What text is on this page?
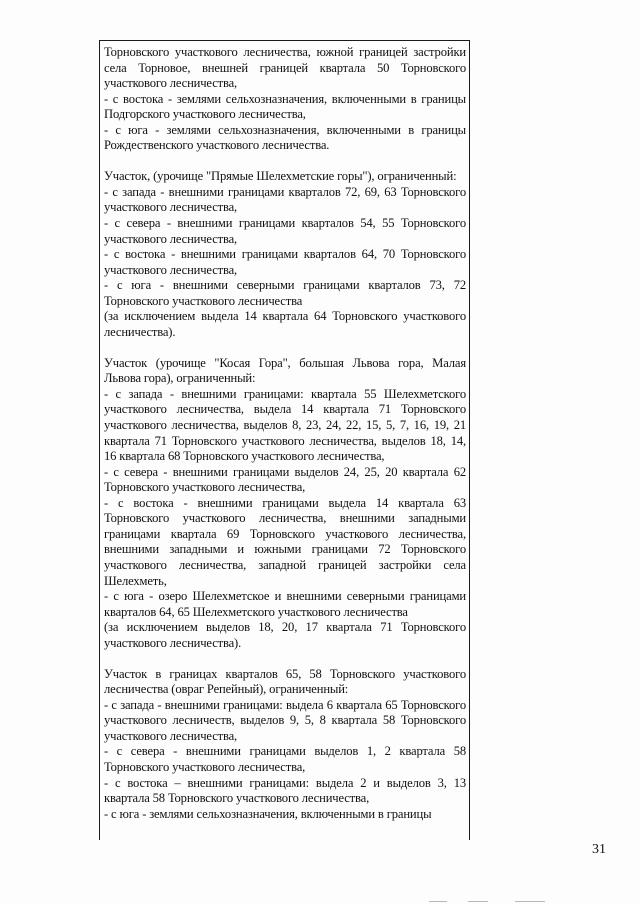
Торновского участкового лесничества, южной границей застройки села Торновое, внешней границей квартала 50 Торновского участкового лесничества,

- с востока - землями сельхозназначения, включенными в границы Подгорского участкового лесничества,

- с юга - землями сельхозназначения, включенными в границы Рождественского участкового лесничества.

Участок, (урочище "Прямые Шелехметские горы"), ограниченный:

- с запада - внешними границами кварталов 72, 69, 63 Торновского участкового лесничества,

- с севера - внешними границами кварталов 54, 55 Торновского участкового лесничества,

- с востока - внешними границами кварталов 64, 70 Торновского участкового лесничества,

- с юга - внешними северными границами кварталов 73, 72 Торновского участкового лесничества

(за исключением выдела 14 квартала 64 Торновского участкового лесничества).

Участок (урочище "Косая Гора", большая Львова гора, Малая Львова гора), ограниченный:

- с запада - внешними границами: квартала 55 Шелехметского участкового лесничества, выдела 14 квартала 71 Торновского участкового лесничества, выделов 8, 23, 24, 22, 15, 5, 7, 16, 19, 21 квартала 71 Торновского участкового лесничества, выделов 18, 14, 16 квартала 68 Торновского участкового лесничества,

- с севера - внешними границами выделов 24, 25, 20 квартала 62 Торновского участкового лесничества,

- с востока - внешними границами выдела 14 квартала 63 Торновского участкового лесничества, внешними западными границами квартала 69 Торновского участкового лесничества, внешними западными и южными границами 72 Торновского участкового лесничества, западной границей застройки села Шелехметь,

- с юга - озеро Шелехметское и внешними северными границами кварталов 64, 65 Шелехметского участкового лесничества

(за исключением выделов 18, 20, 17 квартала 71 Торновского участкового лесничества).

Участок в границах кварталов 65, 58 Торновского участкового лесничества (овраг Репейный), ограниченный:

- с запада - внешними границами: выдела 6 квартала 65 Торновского участкового лесничеств, выделов 9, 5, 8 квартала 58 Торновского участкового лесничества,

- с севера - внешними границами выделов 1, 2 квартала 58 Торновского участкового лесничества,

- с востока – внешними границами: выдела 2 и выделов 3, 13 квартала 58 Торновского участкового лесничества,

- с юга - землями сельхозназначения, включенными в границы

31
